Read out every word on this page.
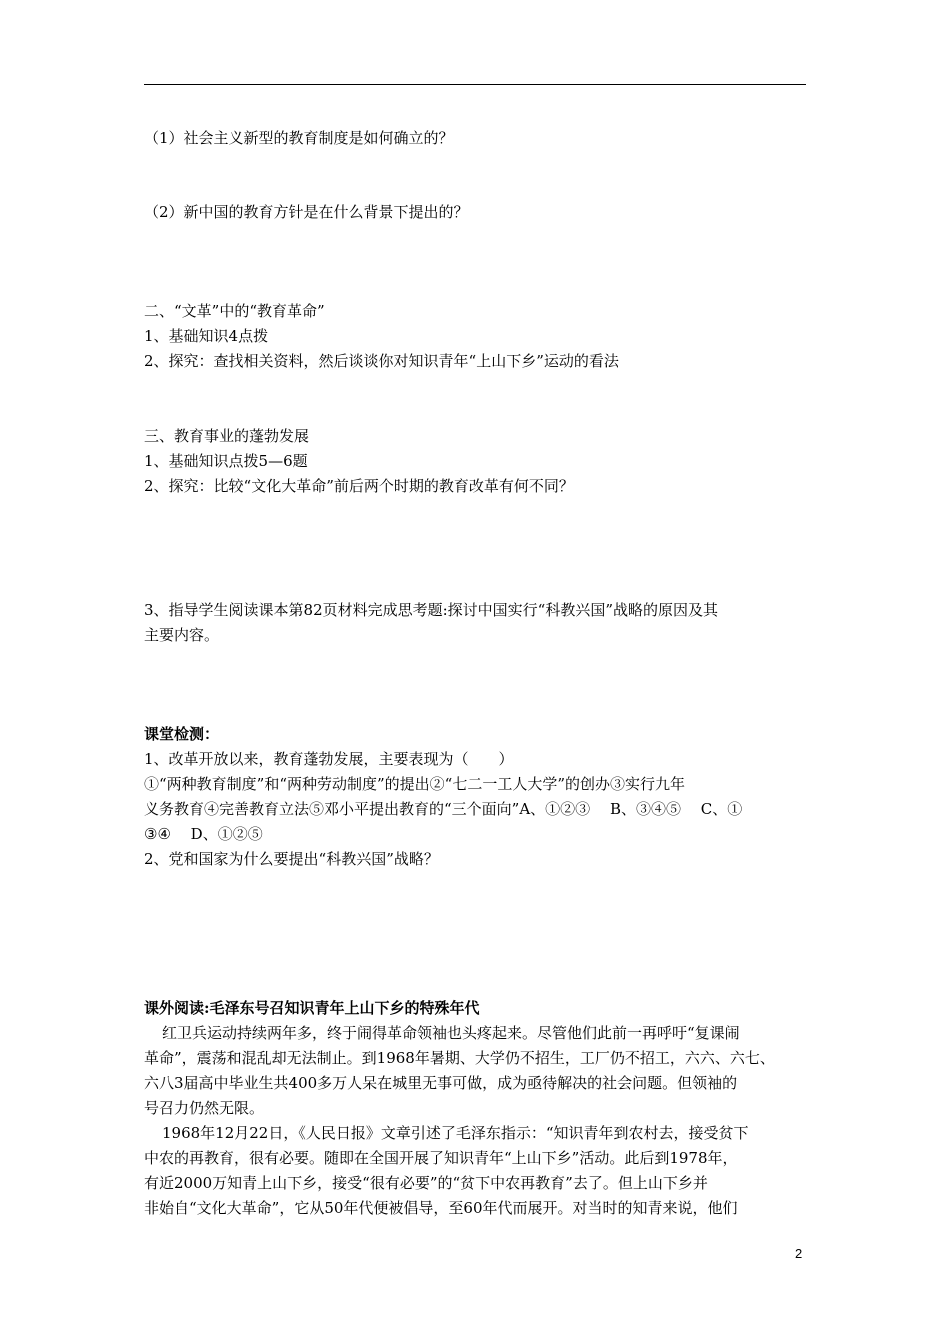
（1）社会主义新型的教育制度是如何确立的？
（2）新中国的教育方针是在什么背景下提出的？
二、“文革”中的“教育革命”
1、基础知识4点拨
2、探究：查找相关资料，然后谈谈你对知识青年“上山下乡”运动的看法
三、教育事业的蓬勃发展
1、基础知识点拨5—6题
2、探究：比较“文化大革命”前后两个时期的教育改革有何不同？
3、指导学生阅读课本第82页材料完成思考题:探讨中国实行“科教兴国”战略的原因及其
主要内容。
课堂检测：
1、改革开放以来，教育蓬勃发展，主要表现为（　　）
①“两种教育制度”和“两种劳动制度”的提出②“七二一工人大学”的创办③实行九年
义务教育④完善教育立法⑤邓小平提出教育的“三个面向”A、①②③　 B、③④⑤　 C、①
③④　 D、①②⑤
2、党和国家为什么要提出“科教兴国”战略？
课外阅读:毛泽东号召知识青年上山下乡的特殊年代
红卫兵运动持续两年多，终于闹得革命领袖也头疼起来。尽管他们此前一再呼吁“复课闹
革命”，震荡和混乱却无法制止。到1968年暑期、大学仍不招生，工厂仍不招工，六六、六七、
六八3届高中毕业生共400多万人呆在城里无事可做，成为亟待解决的社会问题。但领袖的
号召力仍然无限。
1968年12月22日，《人民日报》文章引述了毛泽东指示：“知识青年到农村去，接受贫下
中农的再教育，很有必要。随即在全国开展了知识青年“上山下乡”活动。此后到1978年，
有近2000万知青上山下乡，接受“很有必要”的“贫下中农再教育”去了。但上山下乡并
非始自“文化大革命”，它从50年代便被倡导，至60年代而展开。对当时的知青来说，他们
2
